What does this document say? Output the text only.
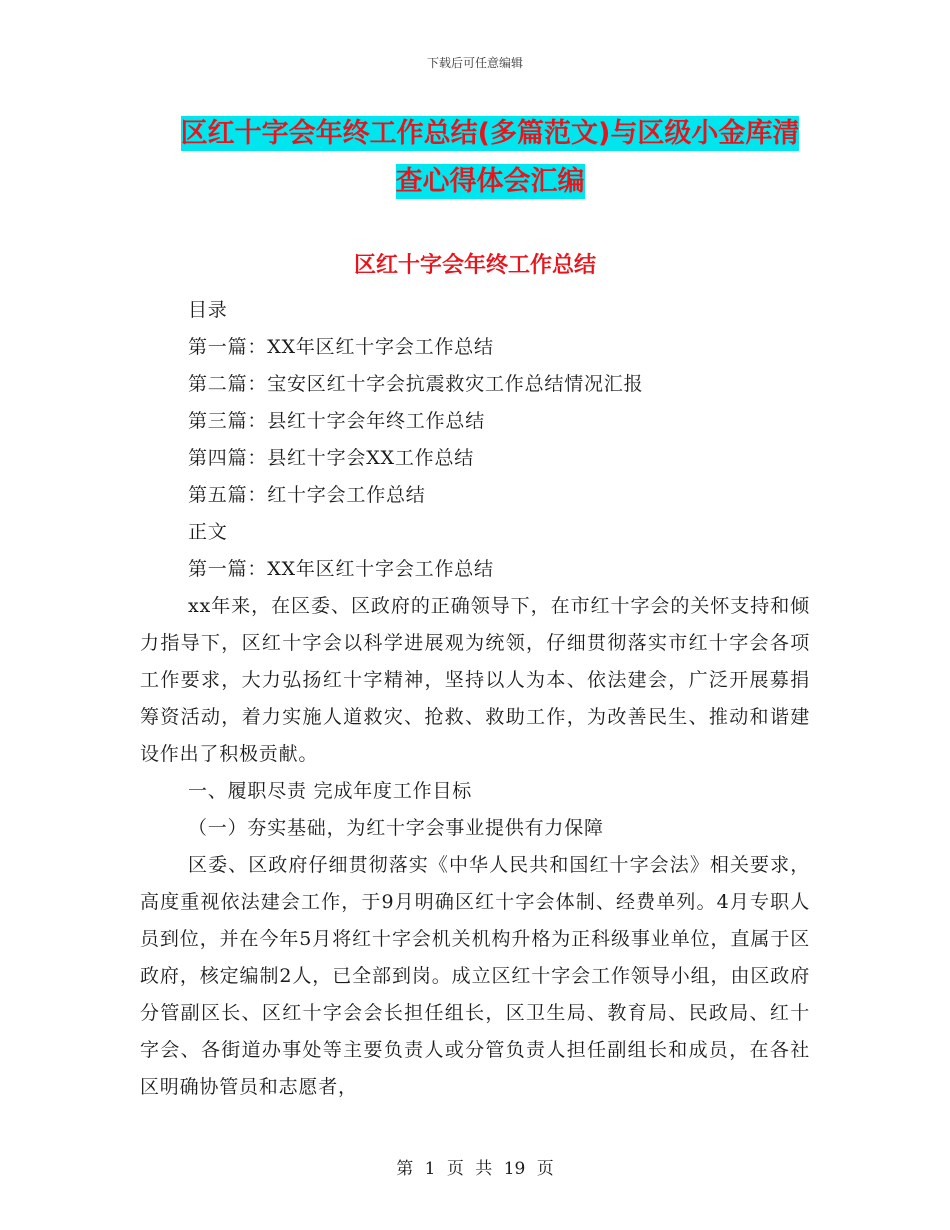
下载后可任意编辑
区红十字会年终工作总结(多篇范文)与区级小金库清
查心得体会汇编
区红十字会年终工作总结

目录

第一篇：XX年区红十字会工作总结

第二篇：宝安区红十字会抗震救灾工作总结情况汇报

第三篇：县红十字会年终工作总结

第四篇：县红十字会XX工作总结

第五篇：红十字会工作总结

正文

第一篇：XX年区红十字会工作总结

xx年来，在区委、区政府的正确领导下，在市红十字会的关怀支持和倾力指导下，区红十字会以科学进展观为统领，仔细贯彻落实市红十字会各项工作要求，大力弘扬红十字精神，坚持以人为本、依法建会，广泛开展募捐筹资活动，着力实施人道救灾、抢救、救助工作，为改善民生、推动和谐建设作出了积极贡献。

一、履职尽责 完成年度工作目标

（一）夯实基础，为红十字会事业提供有力保障

区委、区政府仔细贯彻落实《中华人民共和国红十字会法》相关要求，高度重视依法建会工作，于9月明确区红十字会体制、经费单列。4月专职人员到位，并在今年5月将红十字会机关机构升格为正科级事业单位，直属于区政府，核定编制2人，已全部到岗。成立区红十字会工作领导小组，由区政府分管副区长、区红十字会会长担任组长，区卫生局、教育局、民政局、红十字会、各街道办事处等主要负责人或分管负责人担任副组长和成员，在各社区明确协管员和志愿者，

第 1 页 共 19 页
